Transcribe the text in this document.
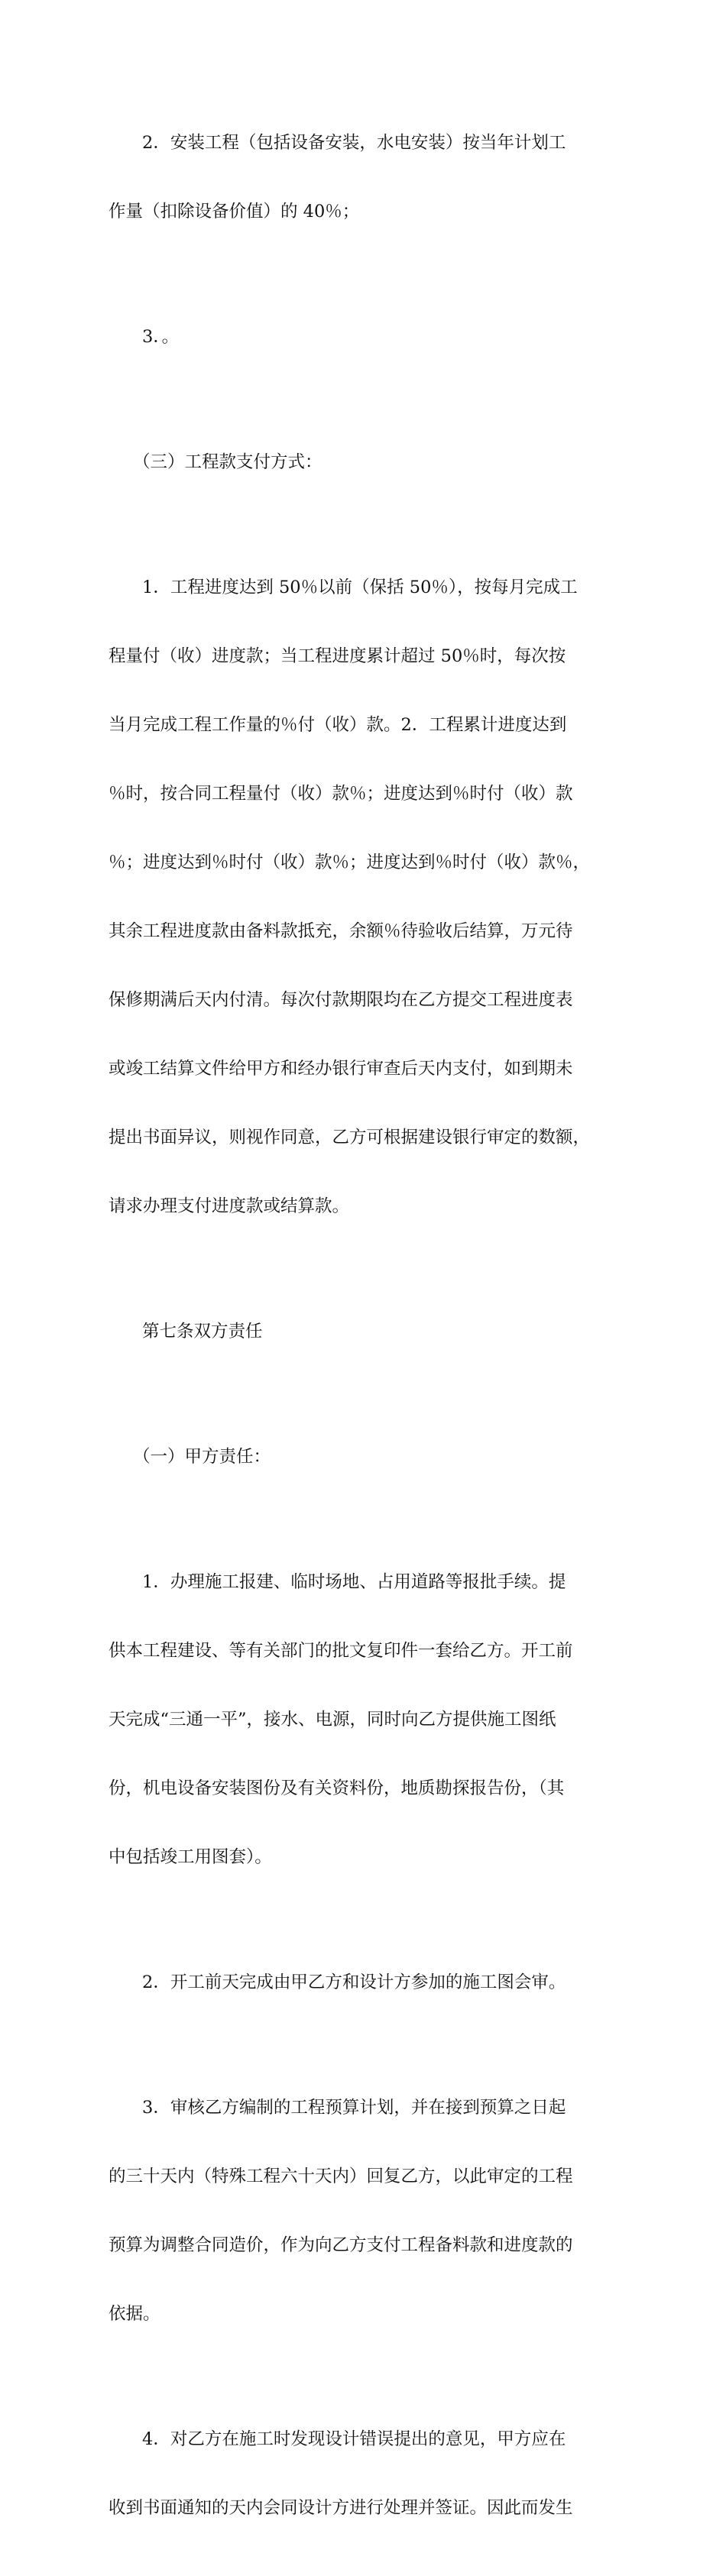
2．安装工程（包括设备安装，水电安装）按当年计划工

作量（扣除设备价值）的 40％；

3．。

（三）工程款支付方式：

1．工程进度达到 50％以前（保括 50％），按每月完成工

程量付（收）进度款；当工程进度累计超过 50％时，每次按

当月完成工程工作量的％付（收）款。2．工程累计进度达到

％时，按合同工程量付（收）款％；进度达到％时付（收）款

％；进度达到％时付（收）款％；进度达到％时付（收）款％，

其余工程进度款由备料款抵充，余额％待验收后结算，万元待

保修期满后天内付清。每次付款期限均在乙方提交工程进度表

或竣工结算文件给甲方和经办银行审查后天内支付，如到期未

提出书面异议，则视作同意，乙方可根据建设银行审定的数额，

请求办理支付进度款或结算款。

第七条双方责任

（一）甲方责任：

1．办理施工报建、临时场地、占用道路等报批手续。提

供本工程建设、等有关部门的批文复印件一套给乙方。开工前

天完成“三通一平”，接水、电源，同时向乙方提供施工图纸

份，机电设备安装图份及有关资料份，地质勘探报告份，（其

中包括竣工用图套）。

2．开工前天完成由甲乙方和设计方参加的施工图会审。

3．审核乙方编制的工程预算计划，并在接到预算之日起

的三十天内（特殊工程六十天内）回复乙方，以此审定的工程

预算为调整合同造价，作为向乙方支付工程备料款和进度款的

依据。

4．对乙方在施工时发现设计错误提出的意见，甲方应在

收到书面通知的天内会同设计方进行处理并签证。因此而发生
